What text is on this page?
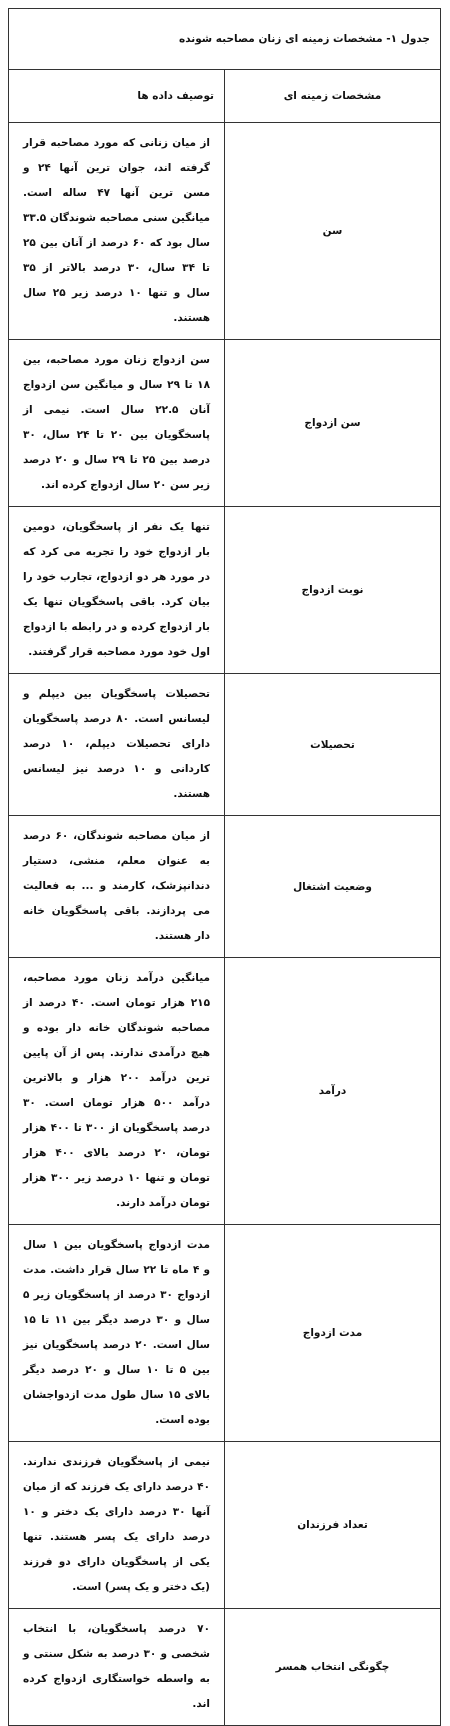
جدول ۱- مشخصات زمینه ای زنان مصاحبه شونده	
مشخصات زمینه ای	توصیف داده ها
سن	از میان زنانی که مورد مصاحبه قرار گرفته اند، جوان ترین آنها ۲۴ و مسن ترین آنها ۴۷ ساله است. میانگین سنی مصاحبه شوندگان ۳۳.۵ سال بود که ۶۰ درصد از آنان بین ۲۵ تا ۳۴ سال، ۳۰ درصد بالاتر از ۳۵ سال و تنها ۱۰ درصد زیر ۲۵ سال هستند.
سن ازدواج	سن ازدواج زنان مورد مصاحبه، بین ۱۸ تا ۲۹ سال و میانگین سن ازدواج آنان ۲۲.۵ سال است. نیمی از پاسخگویان بین ۲۰ تا ۲۴ سال، ۳۰ درصد بین ۲۵ تا ۲۹ سال و ۲۰ درصد زیر سن ۲۰ سال ازدواج کرده اند.
نوبت ازدواج	تنها یک نفر از پاسخگویان، دومین بار ازدواج خود را تجربه می کرد که در مورد هر دو ازدواج، تجارب خود را بیان کرد. باقی پاسخگویان تنها یک بار ازدواج کرده و در رابطه با ازدواج اول خود مورد مصاحبه قرار گرفتند.
تحصیلات	تحصیلات پاسخگویان بین دیپلم و لیسانس است. ۸۰ درصد پاسخگویان دارای تحصیلات دیپلم، ۱۰ درصد کاردانی و ۱۰ درصد نیز لیسانس هستند.
وضعیت اشتغال	از میان مصاحبه شوندگان، ۶۰ درصد به عنوان معلم، منشی، دستیار دندانپزشک، کارمند و ... به فعالیت می پردازند. باقی پاسخگویان خانه دار هستند.
درآمد	میانگین درآمد زنان مورد مصاحبه، ۲۱۵ هزار تومان است. ۴۰ درصد از مصاحبه شوندگان خانه دار بوده و هیچ درآمدی ندارند. پس از آن پایین ترین درآمد ۲۰۰ هزار و بالاترین درآمد ۵۰۰ هزار تومان است. ۳۰ درصد پاسخگویان از ۳۰۰ تا ۴۰۰ هزار تومان، ۲۰ درصد بالای ۴۰۰ هزار تومان و تنها ۱۰ درصد زیر ۳۰۰ هزار تومان درآمد دارند.
مدت ازدواج	مدت ازدواج پاسخگویان بین ۱ سال و ۴ ماه تا ۲۲ سال قرار داشت. مدت ازدواج ۳۰ درصد از پاسخگویان زیر ۵ سال و ۳۰ درصد دیگر بین ۱۱ تا ۱۵ سال است. ۲۰ درصد پاسخگویان نیز بین ۵ تا ۱۰ سال و ۲۰ درصد دیگر بالای ۱۵ سال طول مدت ازدواجشان بوده است.
تعداد فرزندان	نیمی از پاسخگویان فرزندی ندارند. ۴۰ درصد دارای یک فرزند که از میان آنها ۳۰ درصد دارای یک دختر و ۱۰ درصد دارای یک پسر هستند. تنها یکی از پاسخگویان دارای دو فرزند (یک دختر و یک پسر) است.
چگونگی انتخاب همسر	۷۰ درصد پاسخگویان، با انتخاب شخصی و ۳۰ درصد به شکل سنتی و به واسطه خواستگاری ازدواج کرده اند.
